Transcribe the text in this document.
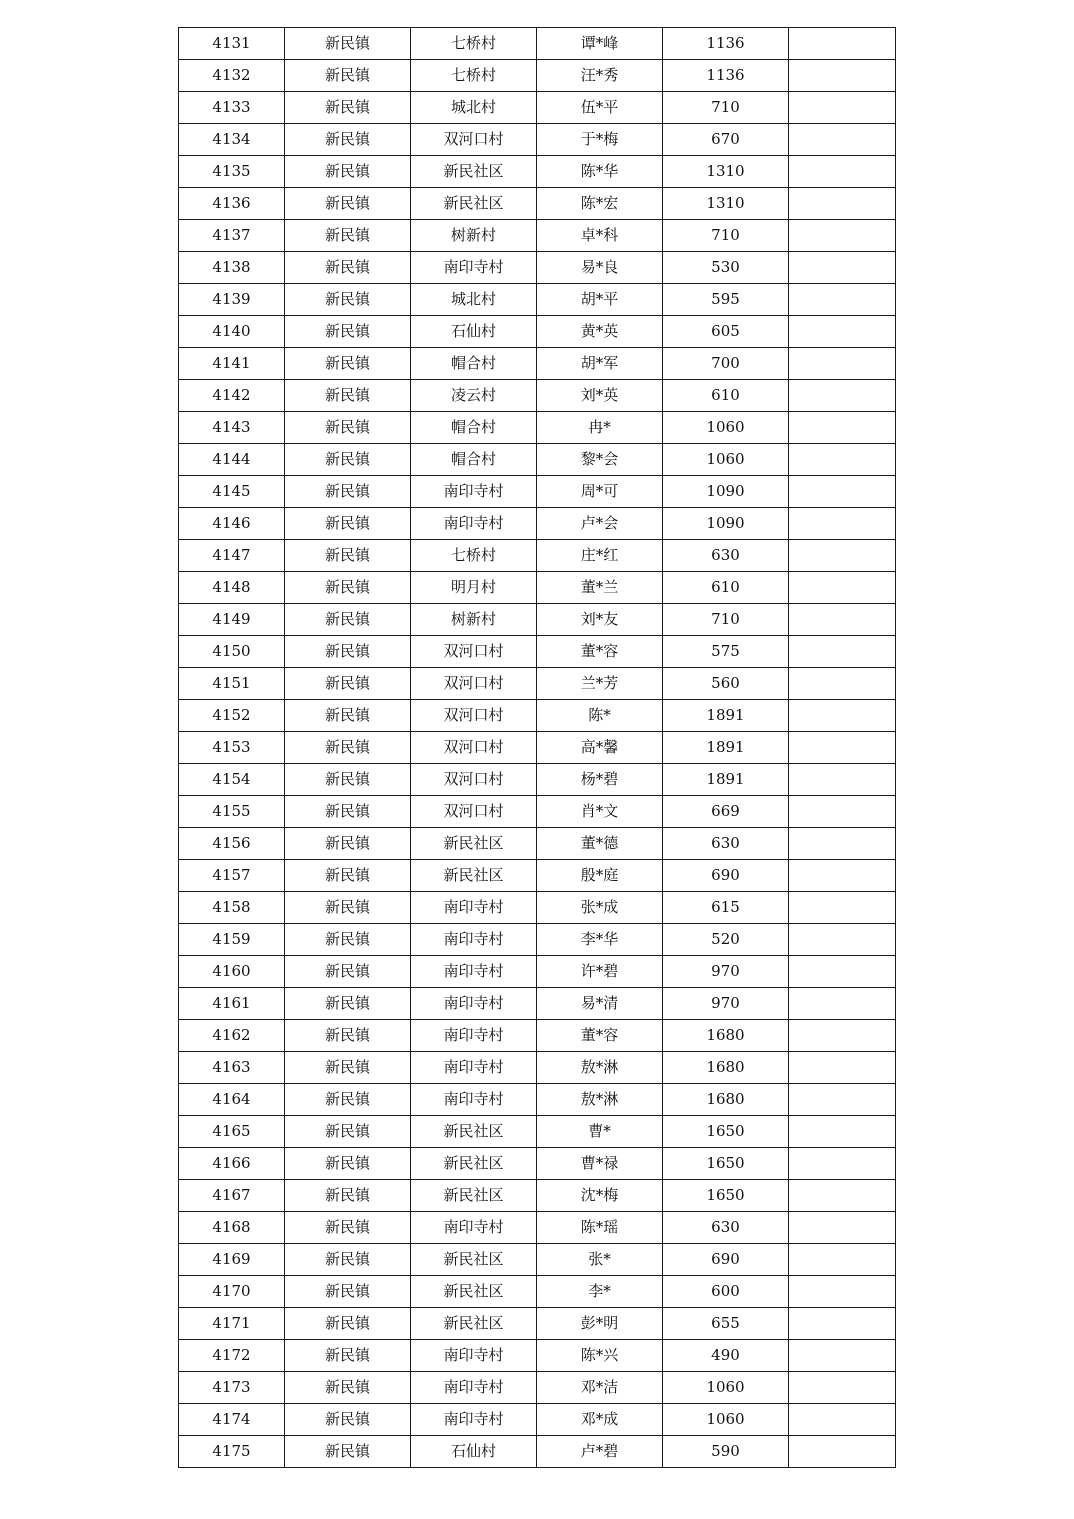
4131	新民镇	七桥村	谭*峰	1136	
4132	新民镇	七桥村	汪*秀	1136	
4133	新民镇	城北村	伍*平	710	
4134	新民镇	双河口村	于*梅	670	
4135	新民镇	新民社区	陈*华	1310	
4136	新民镇	新民社区	陈*宏	1310	
4137	新民镇	树新村	卓*科	710	
4138	新民镇	南印寺村	易*良	530	
4139	新民镇	城北村	胡*平	595	
4140	新民镇	石仙村	黄*英	605	
4141	新民镇	帽合村	胡*军	700	
4142	新民镇	凌云村	刘*英	610	
4143	新民镇	帽合村	冉*	1060	
4144	新民镇	帽合村	黎*会	1060	
4145	新民镇	南印寺村	周*可	1090	
4146	新民镇	南印寺村	卢*会	1090	
4147	新民镇	七桥村	庄*红	630	
4148	新民镇	明月村	董*兰	610	
4149	新民镇	树新村	刘*友	710	
4150	新民镇	双河口村	董*容	575	
4151	新民镇	双河口村	兰*芳	560	
4152	新民镇	双河口村	陈*	1891	
4153	新民镇	双河口村	高*馨	1891	
4154	新民镇	双河口村	杨*碧	1891	
4155	新民镇	双河口村	肖*文	669	
4156	新民镇	新民社区	董*德	630	
4157	新民镇	新民社区	殷*庭	690	
4158	新民镇	南印寺村	张*成	615	
4159	新民镇	南印寺村	李*华	520	
4160	新民镇	南印寺村	许*碧	970	
4161	新民镇	南印寺村	易*清	970	
4162	新民镇	南印寺村	董*容	1680	
4163	新民镇	南印寺村	敖*淋	1680	
4164	新民镇	南印寺村	敖*淋	1680	
4165	新民镇	新民社区	曹*	1650	
4166	新民镇	新民社区	曹*禄	1650	
4167	新民镇	新民社区	沈*梅	1650	
4168	新民镇	南印寺村	陈*瑶	630	
4169	新民镇	新民社区	张*	690	
4170	新民镇	新民社区	李*	600	
4171	新民镇	新民社区	彭*明	655	
4172	新民镇	南印寺村	陈*兴	490	
4173	新民镇	南印寺村	邓*洁	1060	
4174	新民镇	南印寺村	邓*成	1060	
4175	新民镇	石仙村	卢*碧	590	
